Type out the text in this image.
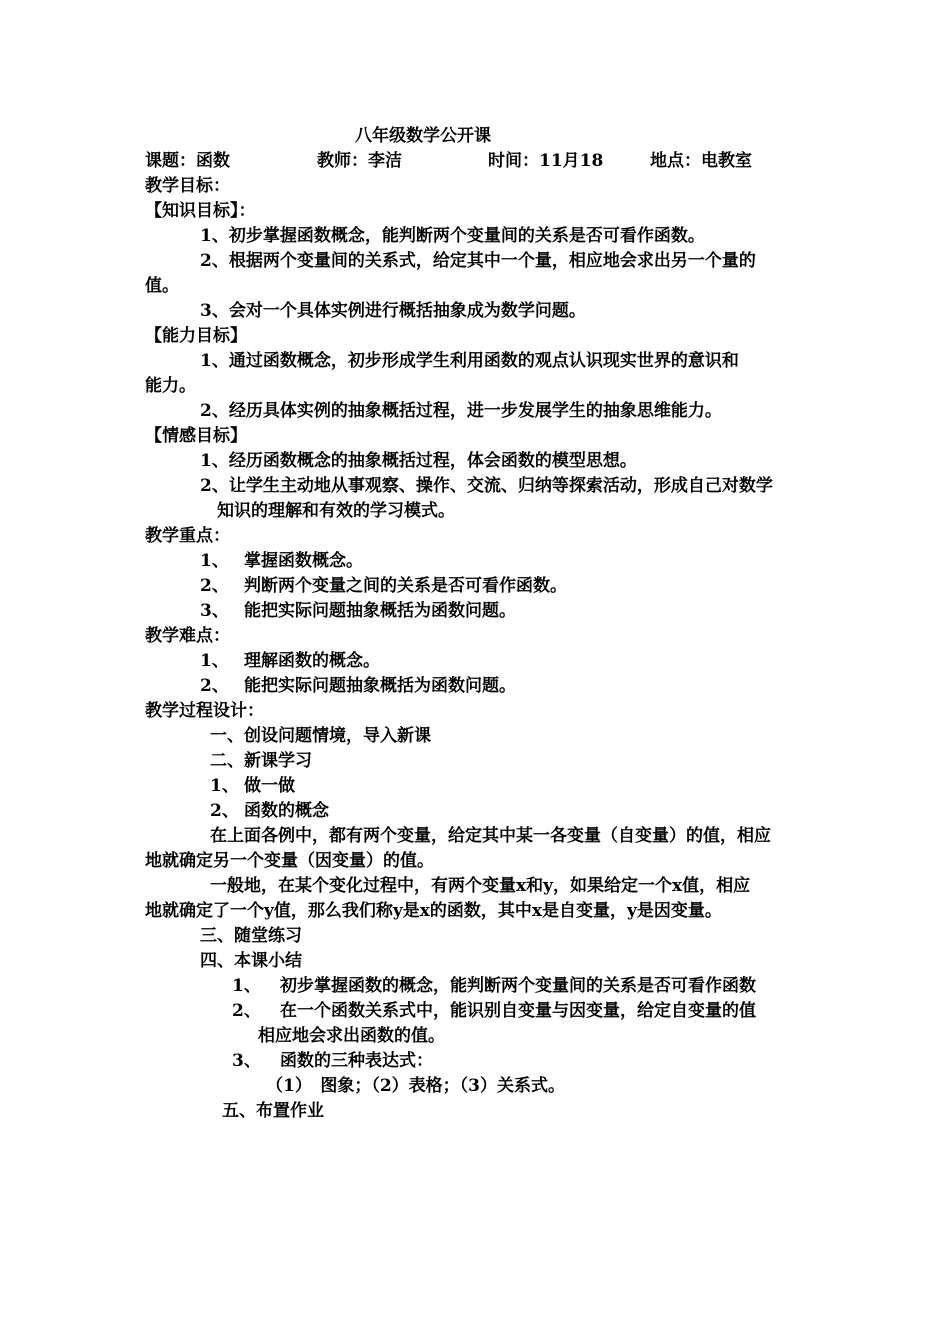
八年级数学公开课
课题：函数	教师：李洁	时间：11月18	地点：电教室
教学目标：
【知识目标】：
1、初步掌握函数概念，能判断两个变量间的关系是否可看作函数。
2、根据两个变量间的关系式，给定其中一个量，相应地会求出另一个量的
值。
3、会对一个具体实例进行概括抽象成为数学问题。
【能力目标】
1、通过函数概念，初步形成学生利用函数的观点认识现实世界的意识和
能力。
2、经历具体实例的抽象概括过程，进一步发展学生的抽象思维能力。
【情感目标】
1、经历函数概念的抽象概括过程，体会函数的模型思想。
2、让学生主动地从事观察、操作、交流、归纳等探索活动，形成自己对数学
知识的理解和有效的学习模式。
教学重点：
1、 掌握函数概念。
2、 判断两个变量之间的关系是否可看作函数。
3、 能把实际问题抽象概括为函数问题。
教学难点：
1、 理解函数的概念。
2、 能把实际问题抽象概括为函数问题。
教学过程设计：
一、创设问题情境，导入新课
二、新课学习
1、 做一做
2、 函数的概念
在上面各例中，都有两个变量，给定其中某一各变量（自变量）的值，相应
地就确定另一个变量（因变量）的值。
一般地，在某个变化过程中，有两个变量x和y，如果给定一个x值，相应
地就确定了一个y值，那么我们称y是x的函数，其中x是自变量，y是因变量。
三、随堂练习
四、本课小结
1、 初步掌握函数的概念，能判断两个变量间的关系是否可看作函数
2、 在一个函数关系式中，能识别自变量与因变量，给定自变量的值
相应地会求出函数的值。
3、 函数的三种表达式：
（1）　图象；（2）表格；（3）关系式。
五、布置作业
